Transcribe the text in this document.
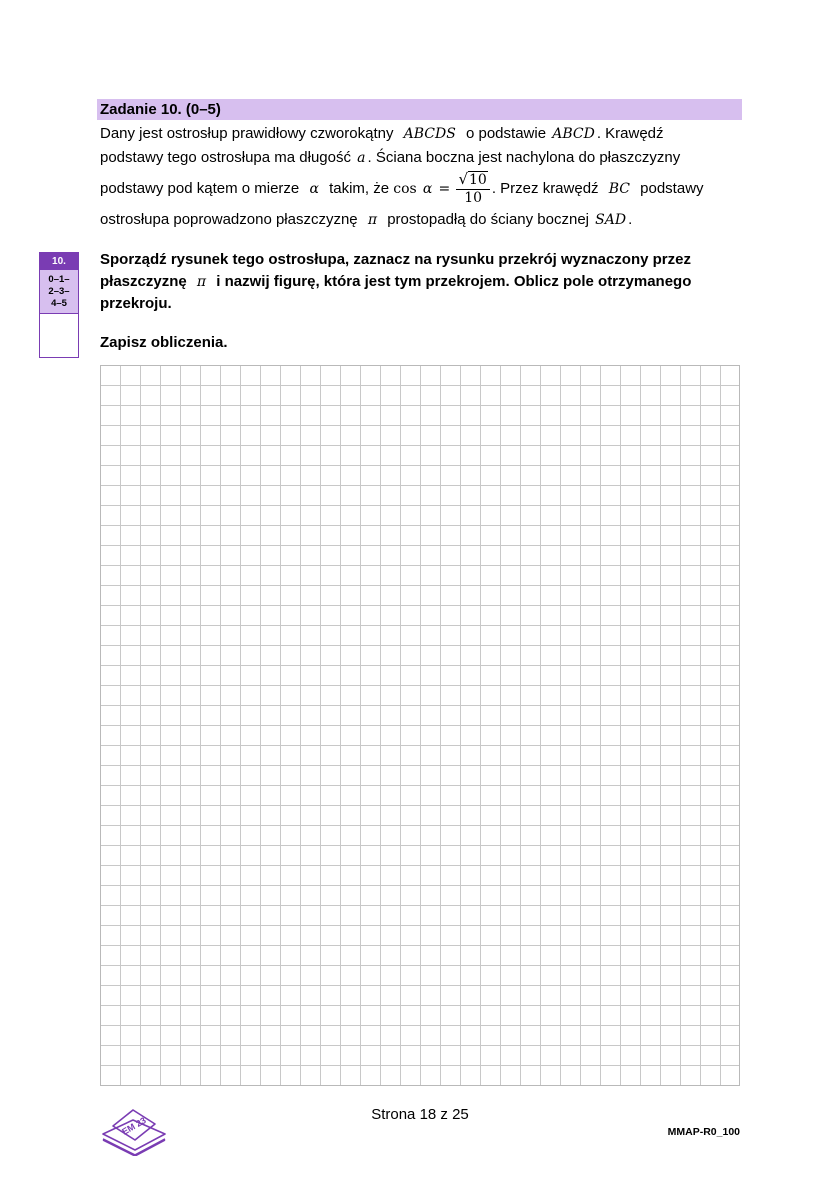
Zadanie 10. (0–5)
Dany jest ostrosłup prawidłowy czworokątny ABCDS o podstawie ABCD . Krawędź
podstawy tego ostrosłupa ma długość a . Ściana boczna jest nachylona do płaszczyzny
podstawy pod kątem o mierze α takim, że $\cos \alpha = \frac{√10}{10}$ . Przez krawędź BC podstawy
ostrosłupa poprowadzono płaszczyznę π prostopadłą do ściany bocznej SAD .
10.
0–1–
2–3–
4–5
Sporządź rysunek tego ostrosłupa, zaznacz na rysunku przekrój wyznaczony przez
płaszczyznę π i nazwij figurę, która jest tym przekrojem. Oblicz pole otrzymanego
przekroju.
Zapisz obliczenia.
EM 23
Strona 18 z 25
MMAP-R0_100
